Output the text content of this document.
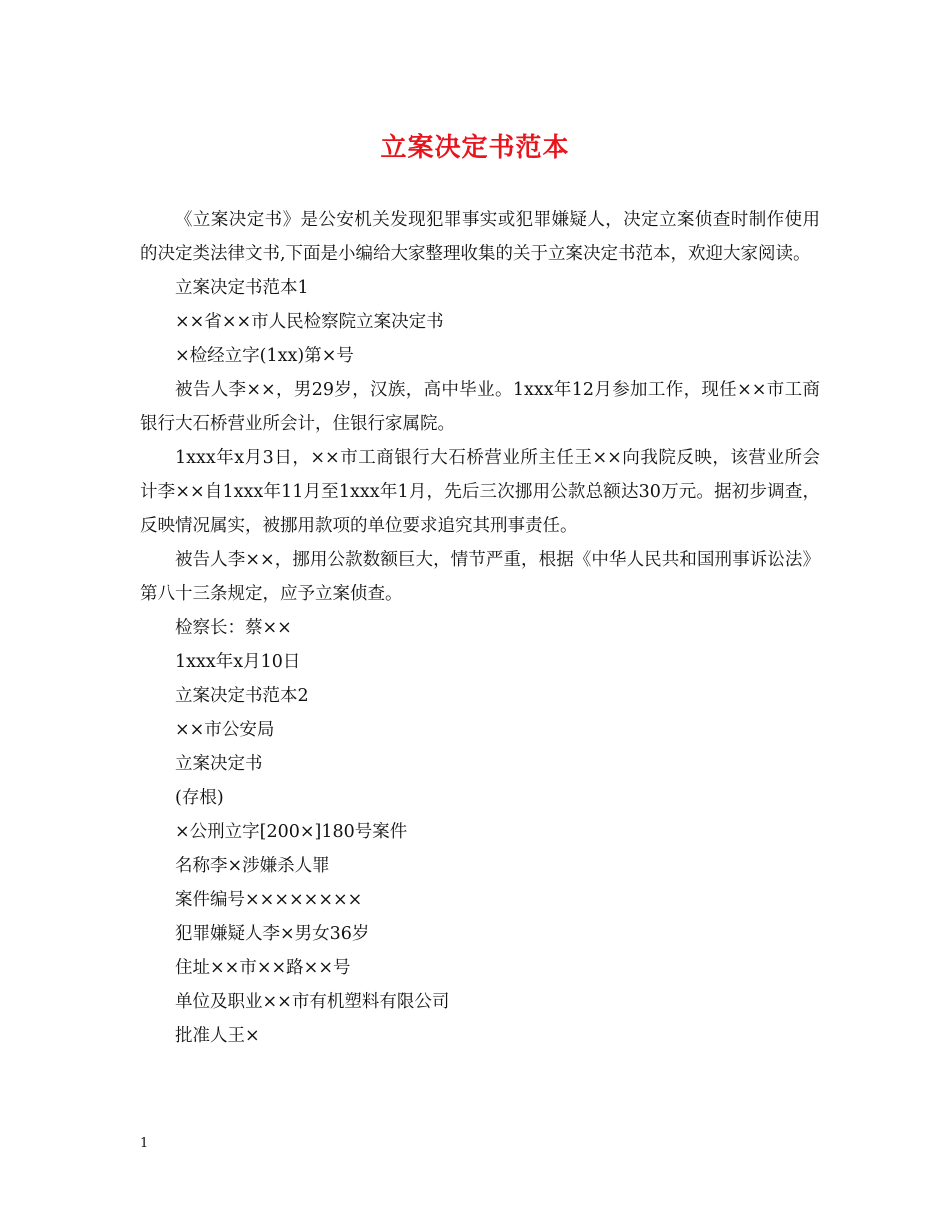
立案决定书范本

《立案决定书》是公安机关发现犯罪事实或犯罪嫌疑人，决定立案侦查时制作使用的决定类法律文书,下面是小编给大家整理收集的关于立案决定书范本，欢迎大家阅读。

立案决定书范本1

××省××市人民检察院立案决定书

×检经立字(1xx)第×号

被告人李××，男29岁，汉族，高中毕业。1xxx年12月参加工作，现任××市工商银行大石桥营业所会计，住银行家属院。

1xxx年x月3日，××市工商银行大石桥营业所主任王××向我院反映，该营业所会计李××自1xxx年11月至1xxx年1月，先后三次挪用公款总额达30万元。据初步调查，反映情况属实，被挪用款项的单位要求追究其刑事责任。

被告人李××，挪用公款数额巨大，情节严重，根据《中华人民共和国刑事诉讼法》第八十三条规定，应予立案侦查。

检察长：蔡××

1xxx年x月10日

立案决定书范本2

××市公安局

立案决定书

(存根)

×公刑立字[200×]180号案件

名称李×涉嫌杀人罪

案件编号××××××××

犯罪嫌疑人李×男女36岁

住址××市××路××号

单位及职业××市有机塑料有限公司

批准人王×

1
